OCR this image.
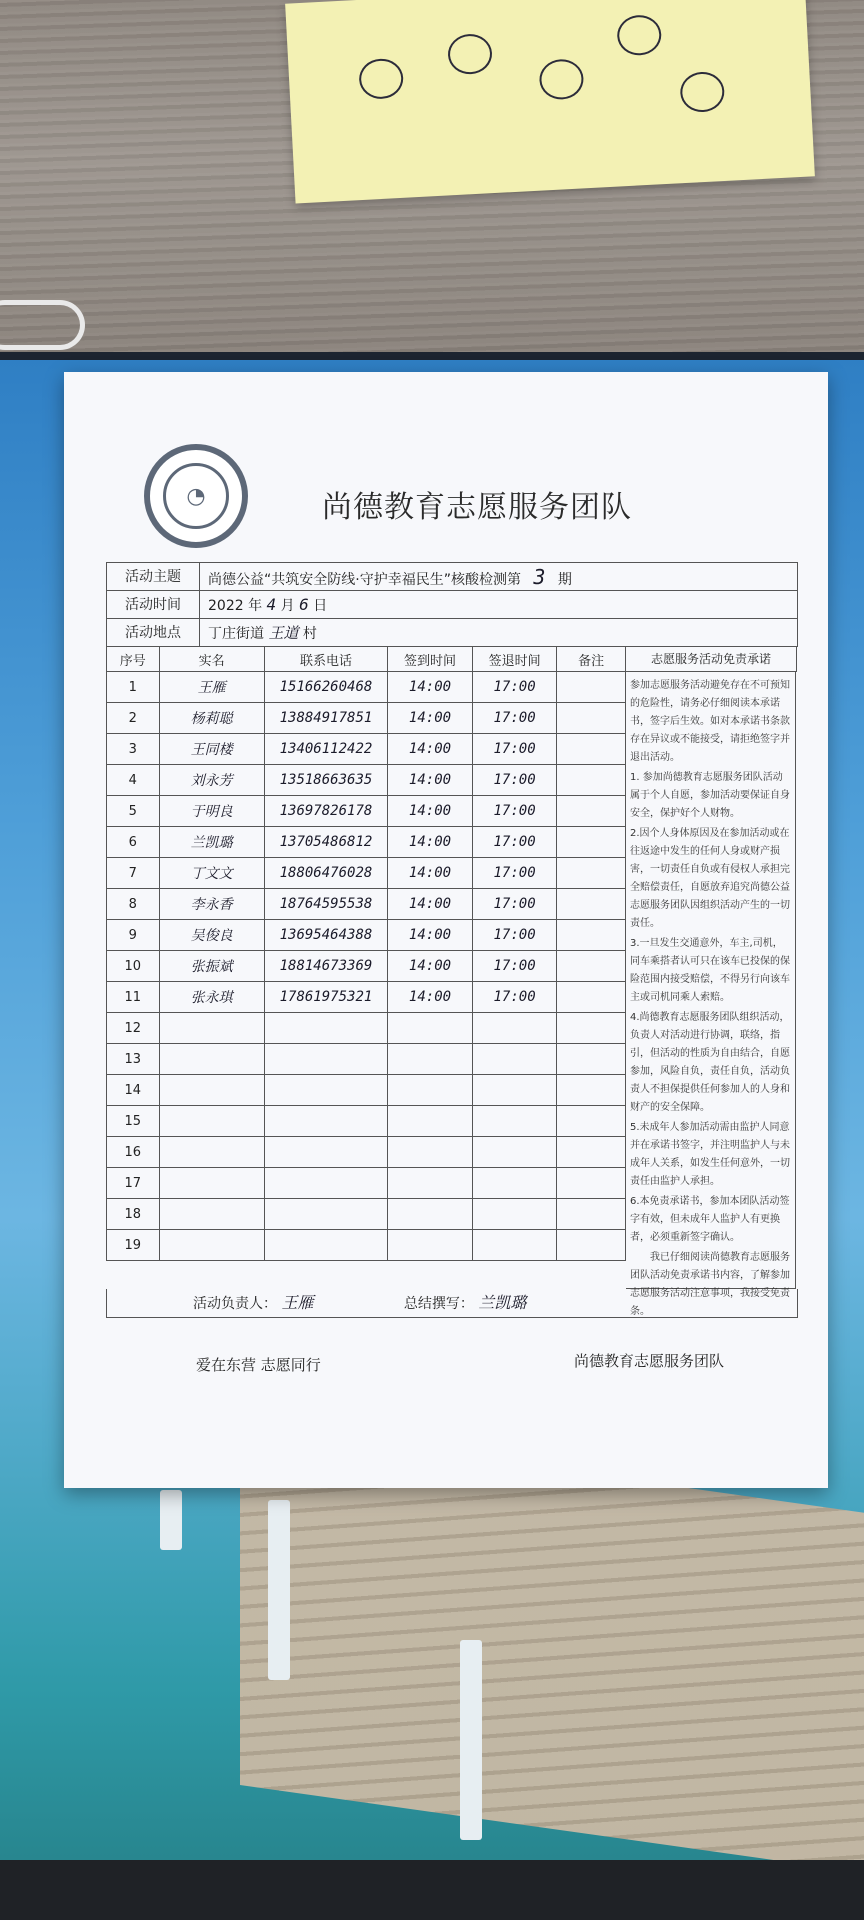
◔	尚德教育志愿服务团队
活动主题	尚德公益“共筑安全防线·守护幸福民生”核酸检测第 3 期
活动时间	2022 年 4 月 6 日
活动地点	丁庄街道 王道 村
序号	实名	联系电话	签到时间	签退时间	备注
1	王雁	15166260468	14:00	17:00	
2	杨莉聪	13884917851	14:00	17:00	
3	王同楼	13406112422	14:00	17:00	
4	刘永芳	13518663635	14:00	17:00	
5	于明良	13697826178	14:00	17:00	
6	兰凯璐	13705486812	14:00	17:00	
7	丁文文	18806476028	14:00	17:00	
8	李永香	18764595538	14:00	17:00	
9	吴俊良	13695464388	14:00	17:00	
10	张振斌	18814673369	14:00	17:00	
11	张永琪	17861975321	14:00	17:00	
12					
13					
14					
15					
16					
17					
18					
19					
志愿服务活动免责承诺

参加志愿服务活动避免存在不可预知的危险性，请务必仔细阅读本承诺书，签字后生效。如对本承诺书条款存在异议或不能接受，请拒绝签字并退出活动。

1. 参加尚德教育志愿服务团队活动属于个人自愿，参加活动要保证自身安全，保护好个人财物。

2.因个人身体原因及在参加活动或在往返途中发生的任何人身或财产损害，一切责任自负或有侵权人承担完全赔偿责任，自愿放弃追究尚德公益志愿服务团队因组织活动产生的一切责任。

3.一旦发生交通意外，车主,司机，同车乘搭者认可只在该车已投保的保险范围内接受赔偿，不得另行向该车主或司机同乘人索赔。

4.尚德教育志愿服务团队组织活动，负责人对活动进行协调，联络，指引，但活动的性质为自由结合，自愿参加，风险自负，责任自负，活动负责人不担保提供任何参加人的人身和财产的安全保障。

5.未成年人参加活动需由监护人同意并在承诺书签字，并注明监护人与未成年人关系，如发生任何意外，一切责任由监护人承担。

6.本免责承诺书，参加本团队活动签字有效，但未成年人监护人有更换者，必须重新签字确认。

我已仔细阅读尚德教育志愿服务团队活动免责承诺书内容，了解参加志愿服务活动注意事项，我接受免责条。

活动负责人： 王雁	总结撰写： 兰凯璐
爱在东营 志愿同行	尚德教育志愿服务团队
